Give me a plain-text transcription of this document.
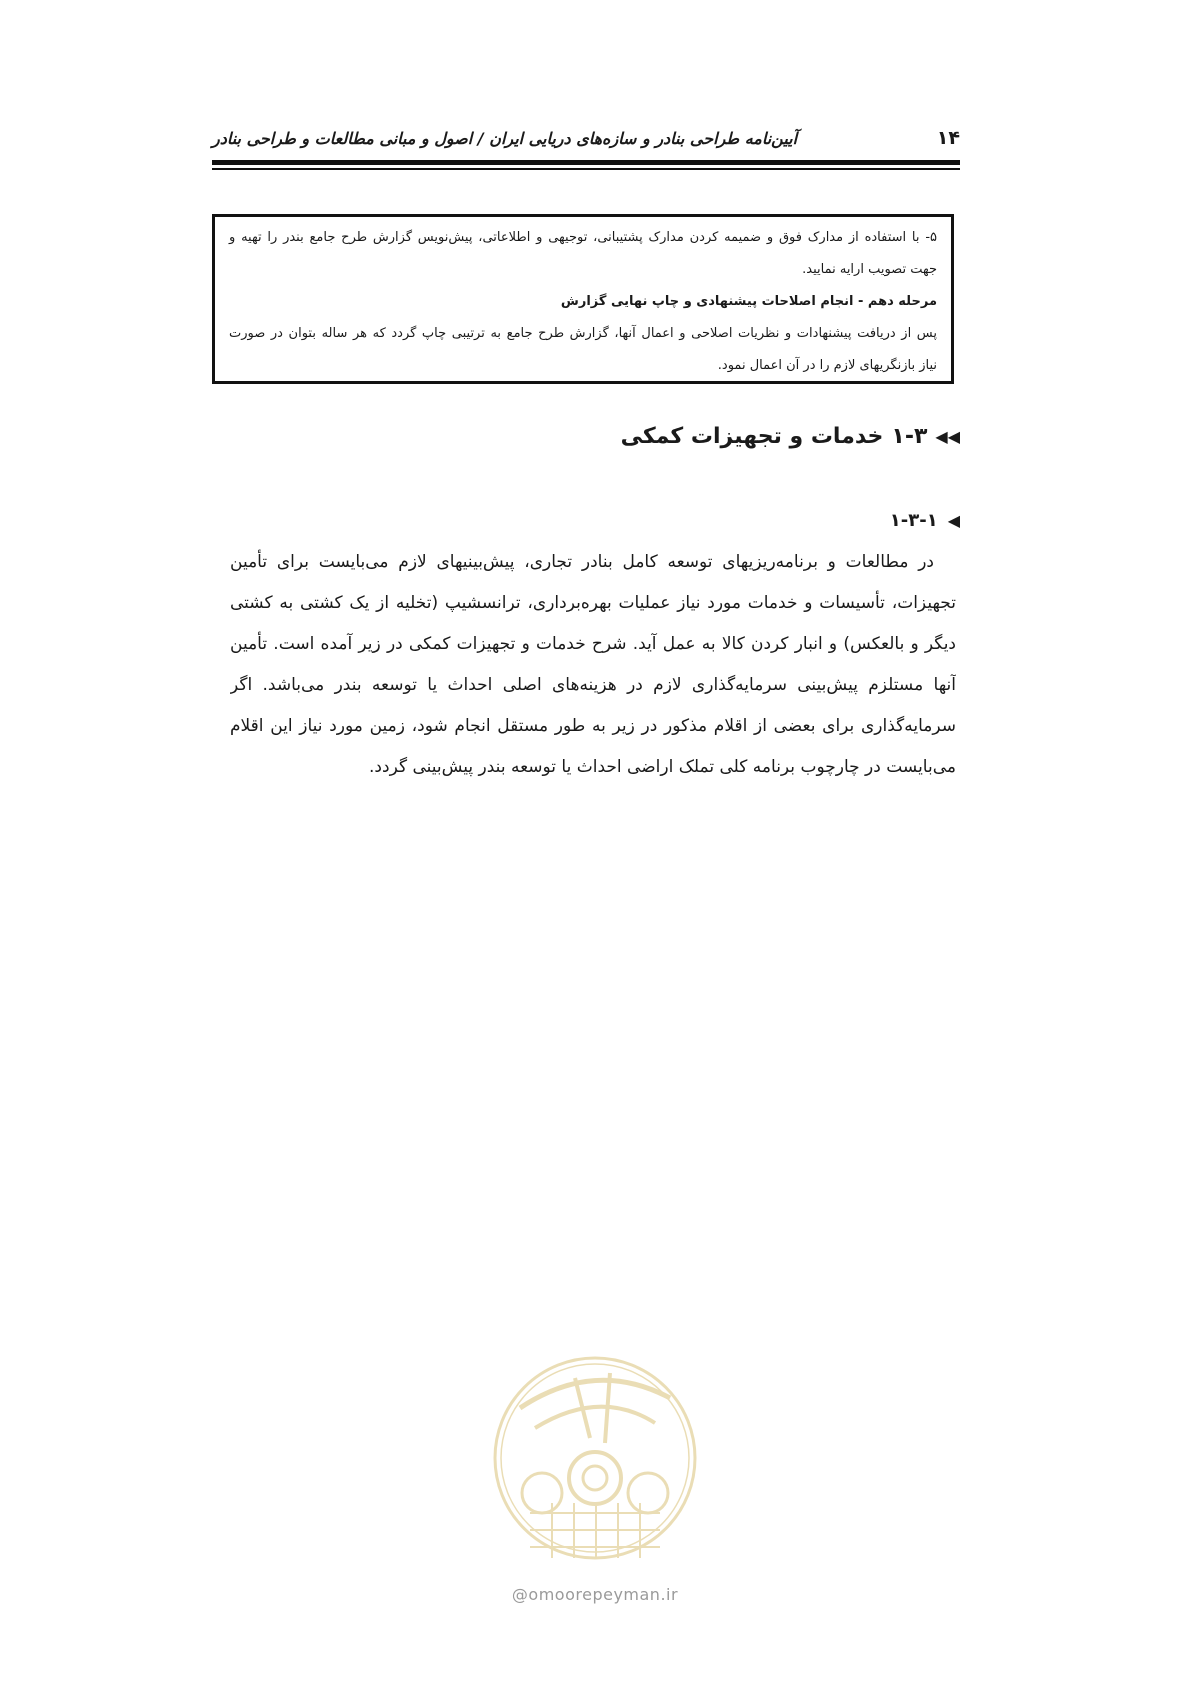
۱۴
آیین‌نامه طراحی بنادر و سازه‌های دریایی ایران / اصول و مبانی مطالعات و طراحی بنادر
۵- با استفاده از مدارک فوق و ضمیمه کردن مدارک پشتیبانی، توجیهی و اطلاعاتی، پیش‌نویس گزارش طرح جامع بندر را تهیه و
جهت تصویب ارایه نمایید.
مرحله دهم - انجام اصلاحات پیشنهادی و چاپ نهایی گزارش
پس از دریافت پیشنهادات و نظریات اصلاحی و اعمال آنها، گزارش طرح جامع به ترتیبی چاپ گردد که هر ساله بتوان در صورت
نیاز بازنگریهای لازم را در آن اعمال نمود.
◀◀
۱-۳
خدمات و تجهیزات کمکی
◀
۱-۳-۱
در مطالعات و برنامه‌ریزیهای توسعه کامل بنادر تجاری، پیش‌بینیهای لازم می‌بایست برای تأمین
تجهیزات، تأسیسات و خدمات مورد نیاز عملیات بهره‌برداری، ترانسشیپ (تخلیه از یک کشتی به کشتی
دیگر و بالعکس) و انبار کردن کالا به عمل آید. شرح خدمات و تجهیزات کمکی در زیر آمده است. تأمین
آنها مستلزم پیش‌بینی سرمایه‌گذاری لازم در هزینه‌های اصلی احداث یا توسعه بندر می‌باشد. اگر
سرمایه‌گذاری برای بعضی از اقلام مذکور در زیر به طور مستقل انجام شود، زمین مورد نیاز این اقلام
می‌بایست در چارچوب برنامه کلی تملک اراضی احداث یا توسعه بندر پیش‌بینی گردد.
@omoorepeyman.ir
